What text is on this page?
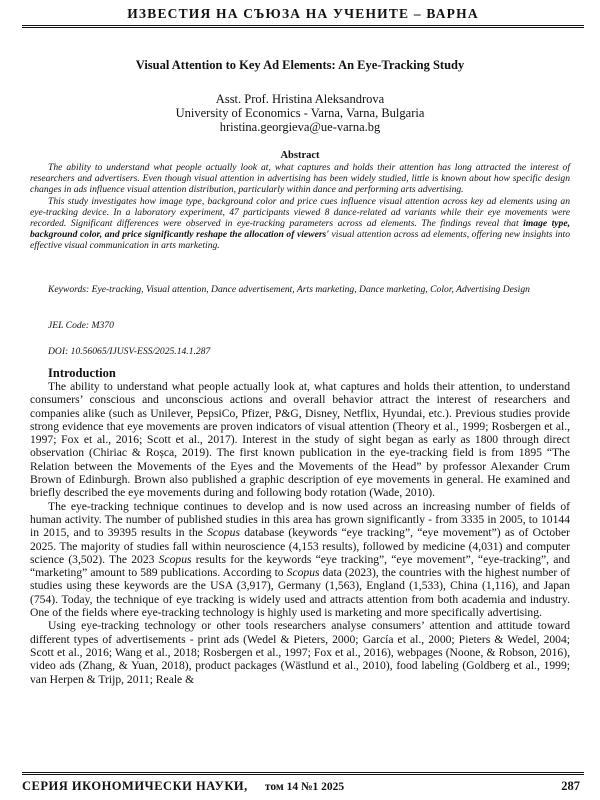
ИЗВЕСТИЯ НА СЪЮЗА НА УЧЕНИТЕ – ВАРНА
Visual Attention to Key Ad Elements: An Eye-Tracking Study
Asst. Prof. Hristina Aleksandrova
University of Economics - Varna, Varna, Bulgaria
hristina.georgieva@ue-varna.bg
Abstract

The ability to understand what people actually look at, what captures and holds their attention has long attracted the interest of researchers and advertisers. Even though visual attention in advertising has been widely studied, little is known about how specific design changes in ads influence visual attention distribution, particularly within dance and performing arts advertising.

This study investigates how image type, background color and price cues influence visual attention across key ad elements using an eye-tracking device. In a laboratory experiment, 47 participants viewed 8 dance-related ad variants while their eye movements were recorded. Significant differences were observed in eye-tracking parameters across ad elements. The findings reveal that image type, background color, and price significantly reshape the allocation of viewers' visual attention across ad elements, offering new insights into effective visual communication in arts marketing.

Keywords: Eye-tracking, Visual attention, Dance advertisement, Arts marketing, Dance marketing, Color, Advertising Design
JEL Code: M370
DOI: 10.56065/IJUSV-ESS/2025.14.1.287
Introduction

The ability to understand what people actually look at, what captures and holds their attention, to understand consumers’ conscious and unconscious actions and overall behavior attract the interest of researchers and companies alike (such as Unilever, PepsiCo, Pfizer, P&G, Disney, Netflix, Hyundai, etc.). Previous studies provide strong evidence that eye movements are proven indicators of visual attention (Theory et al., 1999; Rosbergen et al., 1997; Fox et al., 2016; Scott et al., 2017). Interest in the study of sight began as early as 1800 through direct observation (Chiriac & Roșca, 2019). The first known publication in the eye-tracking field is from 1895 “The Relation between the Movements of the Eyes and the Movements of the Head” by professor Alexander Crum Brown of Edinburgh. Brown also published a graphic description of eye movements in general. He examined and briefly described the eye movements during and following body rotation (Wade, 2010).

The eye-tracking technique continues to develop and is now used across an increasing number of fields of human activity. The number of published studies in this area has grown significantly - from 3335 in 2005, to 10144 in 2015, and to 39395 results in the Scopus database (keywords “eye tracking”, “eye movement”) as of October 2025. The majority of studies fall within neuroscience (4,153 results), followed by medicine (4,031) and computer science (3,502). The 2023 Scopus results for the keywords “eye tracking”, “eye movement”, “eye-tracking”, and “marketing” amount to 589 publications. According to Scopus data (2023), the countries with the highest number of studies using these keywords are the USA (3,917), Germany (1,563), England (1,533), China (1,116), and Japan (754). Today, the technique of eye tracking is widely used and attracts attention from both academia and industry. One of the fields where eye-tracking technology is highly used is marketing and more specifically advertising.

Using eye-tracking technology or other tools researchers analyse consumers’ attention and attitude toward different types of advertisements - print ads (Wedel & Pieters, 2000; García et al., 2000; Pieters & Wedel, 2004; Scott et al., 2016; Wang et al., 2018; Rosbergen et al., 1997; Fox et al., 2016), webpages (Noone, & Robson, 2016), video ads (Zhang, & Yuan, 2018), product packages (Wästlund et al., 2010), food labeling (Goldberg et al., 1999; van Herpen & Trijp, 2011; Reale &

СЕРИЯ ИКОНОМИЧЕСКИ НАУКИ, том 14 №1 2025	287
